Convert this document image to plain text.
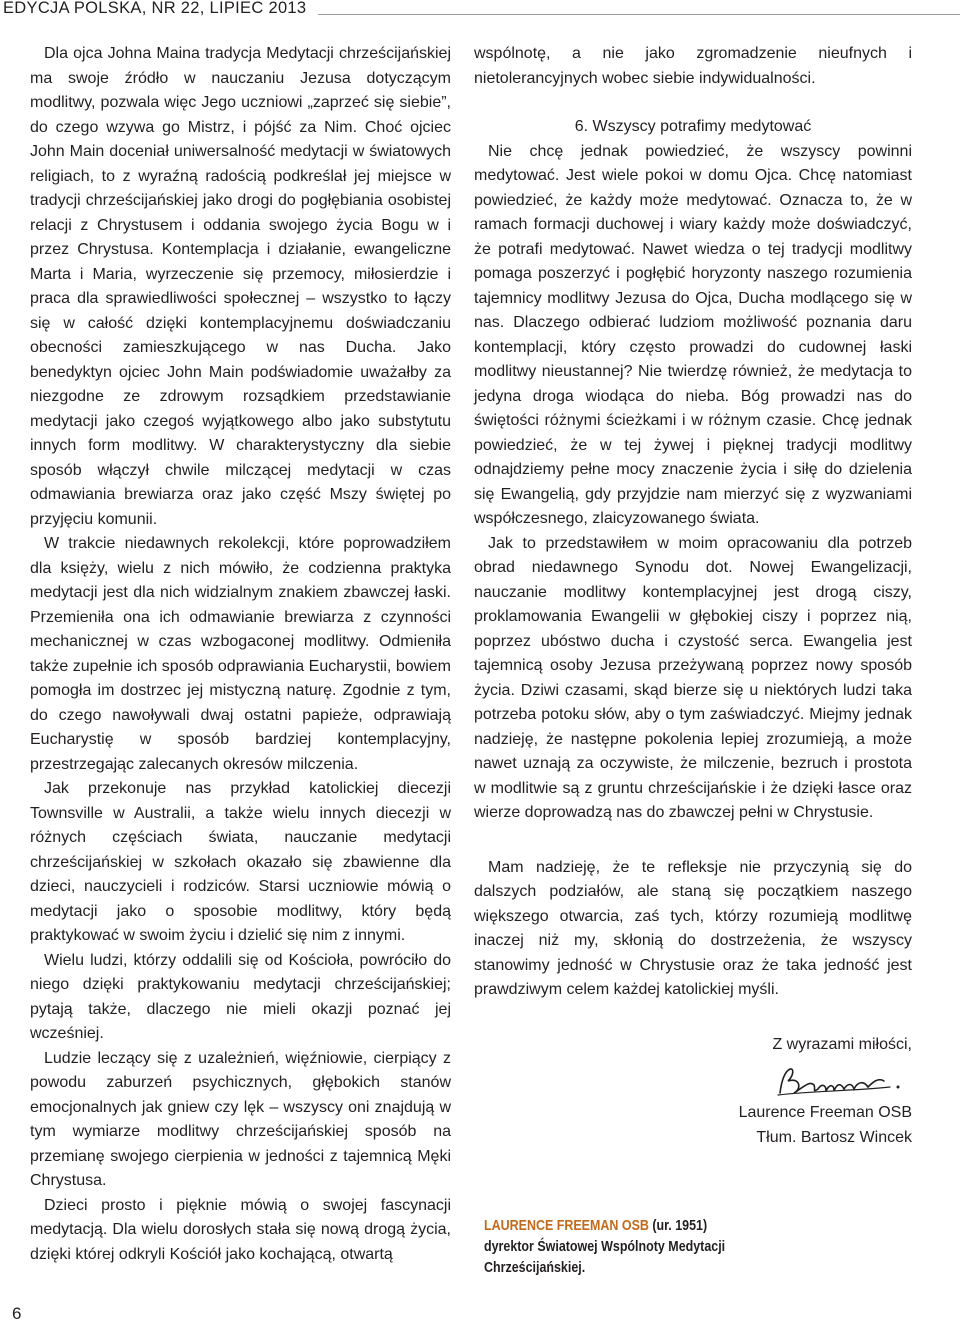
EDYCJA POLSKA, NR 22, LIPIEC 2013

Dla ojca Johna Maina tradycja Medytacji chrześcijańskiej ma swoje źródło w nauczaniu Jezusa dotyczącym modlitwy, pozwala więc Jego uczniowi „zaprzeć się siebie”, do czego wzywa go Mistrz, i pójść za Nim. Choć ojciec John Main doceniał uniwersalność medytacji w światowych religiach, to z wyraźną radością podkreślał jej miejsce w tradycji chrześcijańskiej jako drogi do pogłębiania osobistej relacji z Chrystusem i oddania swojego życia Bogu w i przez Chrystusa. Kontemplacja i działanie, ewangeliczne Marta i Maria, wyrzeczenie się przemocy, miłosierdzie i praca dla sprawiedliwości społecznej – wszystko to łączy się w całość dzięki kontemplacyjnemu doświadczaniu obecności zamieszkującego w nas Ducha. Jako benedyktyn ojciec John Main podświadomie uważałby za niezgodne ze zdrowym rozsądkiem przedstawianie medytacji jako czegoś wyjątkowego albo jako substytutu innych form modlitwy. W charakterystyczny dla siebie sposób włączył chwile milczącej medytacji w czas odmawiania brewiarza oraz jako część Mszy świętej po przyjęciu komunii.

W trakcie niedawnych rekolekcji, które poprowadziłem dla księży, wielu z nich mówiło, że codzienna praktyka medytacji jest dla nich widzialnym znakiem zbawczej łaski. Przemieniła ona ich odmawianie brewiarza z czynności mechanicznej w czas wzbogaconej modlitwy. Odmieniła także zupełnie ich sposób odprawiania Eucharystii, bowiem pomogła im dostrzec jej mistyczną naturę. Zgodnie z tym, do czego nawoływali dwaj ostatni papieże, odprawiają Eucharystię w sposób bardziej kontemplacyjny, przestrzegając zalecanych okresów milczenia.

Jak przekonuje nas przykład katolickiej diecezji Townsville w Australii, a także wielu innych diecezji w różnych częściach świata, nauczanie medytacji chrześcijańskiej w szkołach okazało się zbawienne dla dzieci, nauczycieli i rodziców. Starsi uczniowie mówią o medytacji jako o sposobie modlitwy, który będą praktykować w swoim życiu i dzielić się nim z innymi.

Wielu ludzi, którzy oddalili się od Kościoła, powróciło do niego dzięki praktykowaniu medytacji chrześcijańskiej; pytają także, dlaczego nie mieli okazji poznać jej wcześniej.

Ludzie leczący się z uzależnień, więźniowie, cierpiący z powodu zaburzeń psychicznych, głębokich stanów emocjonalnych jak gniew czy lęk – wszyscy oni znajdują w tym wymiarze modlitwy chrześcijańskiej sposób na przemianę swojego cierpienia w jedności z tajemnicą Męki Chrystusa.

Dzieci prosto i pięknie mówią o swojej fascynacji medytacją. Dla wielu dorosłych stała się nową drogą życia, dzięki której odkryli Kościół jako kochającą, otwartą

wspólnotę, a nie jako zgromadzenie nieufnych i nietolerancyjnych wobec siebie indywidualności.

6. Wszyscy potrafimy medytować

Nie chcę jednak powiedzieć, że wszyscy powinni medytować. Jest wiele pokoi w domu Ojca. Chcę natomiast powiedzieć, że każdy może medytować. Oznacza to, że w ramach formacji duchowej i wiary każdy może doświadczyć, że potrafi medytować. Nawet wiedza o tej tradycji modlitwy pomaga poszerzyć i pogłębić horyzonty naszego rozumienia tajemnicy modlitwy Jezusa do Ojca, Ducha modlącego się w nas. Dlaczego odbierać ludziom możliwość poznania daru kontemplacji, który często prowadzi do cudownej łaski modlitwy nieustannej? Nie twierdzę również, że medytacja to jedyna droga wiodąca do nieba. Bóg prowadzi nas do świętości różnymi ścieżkami i w różnym czasie. Chcę jednak powiedzieć, że w tej żywej i pięknej tradycji modlitwy odnajdziemy pełne mocy znaczenie życia i siłę do dzielenia się Ewangelią, gdy przyjdzie nam mierzyć się z wyzwaniami współczesnego, zlaicyzowanego świata.

Jak to przedstawiłem w moim opracowaniu dla potrzeb obrad niedawnego Synodu dot. Nowej Ewangelizacji, nauczanie modlitwy kontemplacyjnej jest drogą ciszy, proklamowania Ewangelii w głębokiej ciszy i poprzez nią, poprzez ubóstwo ducha i czystość serca. Ewangelia jest tajemnicą osoby Jezusa przeżywaną poprzez nowy sposób życia. Dziwi czasami, skąd bierze się u niektórych ludzi taka potrzeba potoku słów, aby o tym zaświadczyć. Miejmy jednak nadzieję, że następne pokolenia lepiej zrozumieją, a może nawet uznają za oczywiste, że milczenie, bezruch i prostota w modlitwie są z gruntu chrześcijańskie i że dzięki łasce oraz wierze doprowadzą nas do zbawczej pełni w Chrystusie.

Mam nadzieję, że te refleksje nie przyczynią się do dalszych podziałów, ale staną się początkiem naszego większego otwarcia, zaś tych, którzy rozumieją modlitwę inaczej niż my, skłonią do dostrzeżenia, że wszyscy stanowimy jedność w Chrystusie oraz że taka jedność jest prawdziwym celem każdej katolickiej myśli.

Z wyrazami miłości,

Laurence Freeman OSB

Tłum. Bartosz Wincek

LAURENCE FREEMAN OSB (ur. 1951)
dyrektor Światowej Wspólnoty Medytacji Chrześcijańskiej.
6
